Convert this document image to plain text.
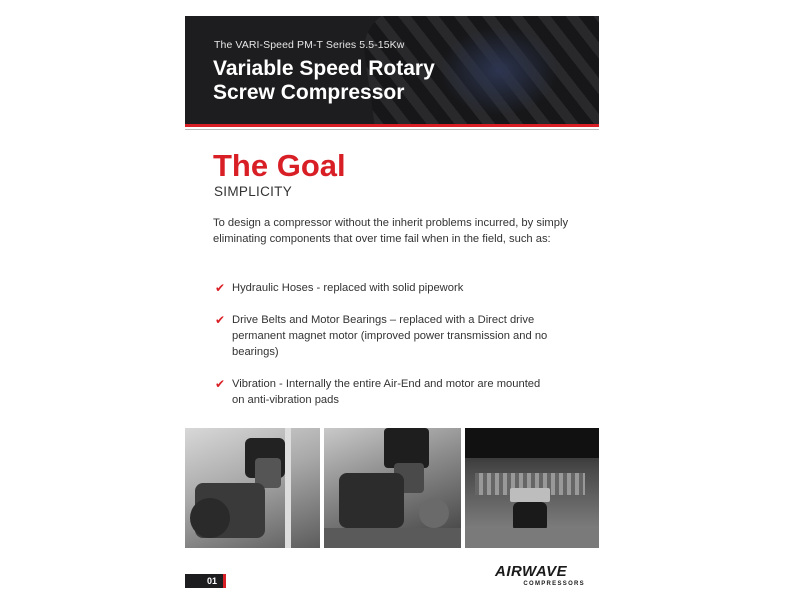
The VARI-Speed PM-T Series 5.5-15Kw
Variable Speed Rotary
Screw Compressor
The Goal
SIMPLICITY
To design a compressor without the inherit problems incurred, by simply eliminating components that over time fail when in the field, such as:
✔ Hydraulic Hoses - replaced with solid pipework
✔ Drive Belts and Motor Bearings – replaced with a Direct drive permanent magnet motor (improved power transmission and no bearings)
✔ Vibration - Internally the entire Air-End and motor are mounted on anti-vibration pads
01
AIRWAVE
COMPRESSORS
